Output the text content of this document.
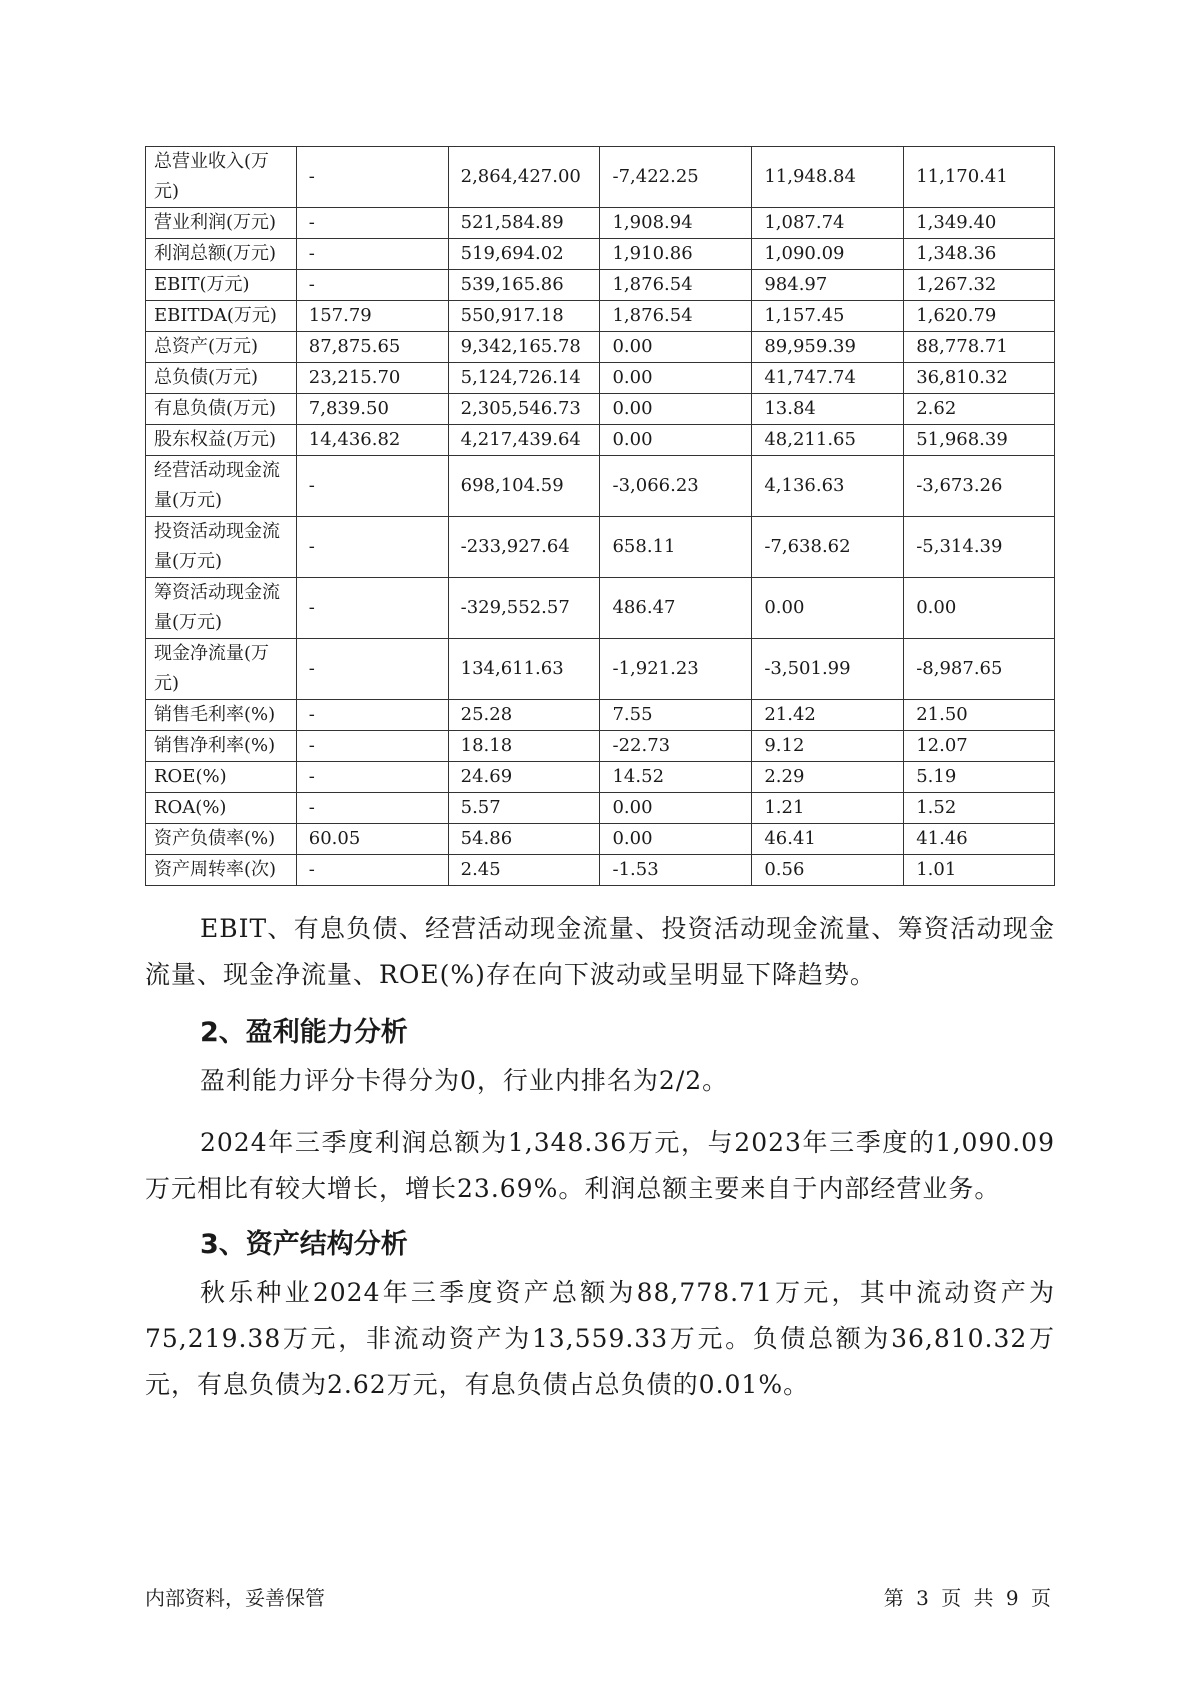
总营业收入(万元)	-	2,864,427.00	-7,422.25	11,948.84	11,170.41
营业利润(万元)	-	521,584.89	1,908.94	1,087.74	1,349.40
利润总额(万元)	-	519,694.02	1,910.86	1,090.09	1,348.36
EBIT(万元)	-	539,165.86	1,876.54	984.97	1,267.32
EBITDA(万元)	157.79	550,917.18	1,876.54	1,157.45	1,620.79
总资产(万元)	87,875.65	9,342,165.78	0.00	89,959.39	88,778.71
总负债(万元)	23,215.70	5,124,726.14	0.00	41,747.74	36,810.32
有息负债(万元)	7,839.50	2,305,546.73	0.00	13.84	2.62
股东权益(万元)	14,436.82	4,217,439.64	0.00	48,211.65	51,968.39
经营活动现金流量(万元)	-	698,104.59	-3,066.23	4,136.63	-3,673.26
投资活动现金流量(万元)	-	-233,927.64	658.11	-7,638.62	-5,314.39
筹资活动现金流量(万元)	-	-329,552.57	486.47	0.00	0.00
现金净流量(万元)	-	134,611.63	-1,921.23	-3,501.99	-8,987.65
销售毛利率(%)	-	25.28	7.55	21.42	21.50
销售净利率(%)	-	18.18	-22.73	9.12	12.07
ROE(%)	-	24.69	14.52	2.29	5.19
ROA(%)	-	5.57	0.00	1.21	1.52
资产负债率(%)	60.05	54.86	0.00	46.41	41.46
资产周转率(次)	-	2.45	-1.53	0.56	1.01

EBIT、有息负债、经营活动现金流量、投资活动现金流量、筹资活动现金流量、现金净流量、ROE(%)存在向下波动或呈明显下降趋势。

2、盈利能力分析

盈利能力评分卡得分为0，行业内排名为2/2。

2024年三季度利润总额为1,348.36万元，与2023年三季度的1,090.09万元相比有较大增长，增长23.69%。利润总额主要来自于内部经营业务。

3、资产结构分析

秋乐种业2024年三季度资产总额为88,778.71万元，其中流动资产为75,219.38万元，非流动资产为13,559.33万元。负债总额为36,810.32万元，有息负债为2.62万元，有息负债占总负债的0.01%。

内部资料，妥善保管	第 3 页 共 9 页
